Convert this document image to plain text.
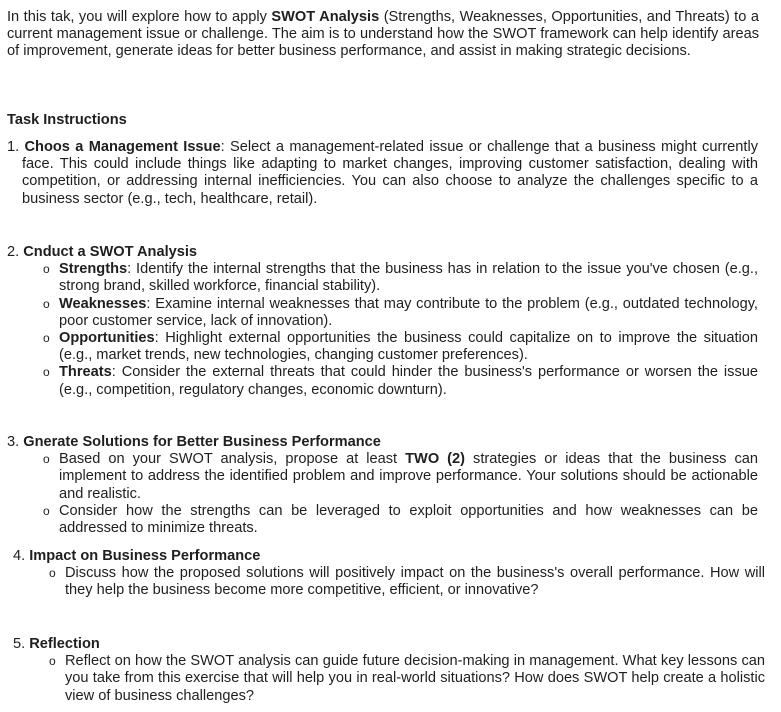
In this tak, you will explore how to apply SWOT Analysis (Strengths, Weaknesses, Opportunities, and Threats) to a current management issue or challenge. The aim is to understand how the SWOT framework can help identify areas of improvement, generate ideas for better business performance, and assist in making strategic decisions.
Task Instructions
1. Choos a Management Issue: Select a management-related issue or challenge that a business might currently face. This could include things like adapting to market changes, improving customer satisfaction, dealing with competition, or addressing internal inefficiencies. You can also choose to analyze the challenges specific to a business sector (e.g., tech, healthcare, retail).
2. Cnduct a SWOT Analysis
o Strengths: Identify the internal strengths that the business has in relation to the issue you've chosen (e.g., strong brand, skilled workforce, financial stability).
o Weaknesses: Examine internal weaknesses that may contribute to the problem (e.g., outdated technology, poor customer service, lack of innovation).
o Opportunities: Highlight external opportunities the business could capitalize on to improve the situation (e.g., market trends, new technologies, changing customer preferences).
o Threats: Consider the external threats that could hinder the business's performance or worsen the issue (e.g., competition, regulatory changes, economic downturn).
3. Gnerate Solutions for Better Business Performance
o Based on your SWOT analysis, propose at least TWO (2) strategies or ideas that the business can implement to address the identified problem and improve performance. Your solutions should be actionable and realistic.
o Consider how the strengths can be leveraged to exploit opportunities and how weaknesses can be addressed to minimize threats.
4. Impact on Business Performance
o Discuss how the proposed solutions will positively impact on the business's overall performance. How will they help the business become more competitive, efficient, or innovative?
5. Reflection
o Reflect on how the SWOT analysis can guide future decision-making in management. What key lessons can you take from this exercise that will help you in real-world situations? How does SWOT help create a holistic view of business challenges?
